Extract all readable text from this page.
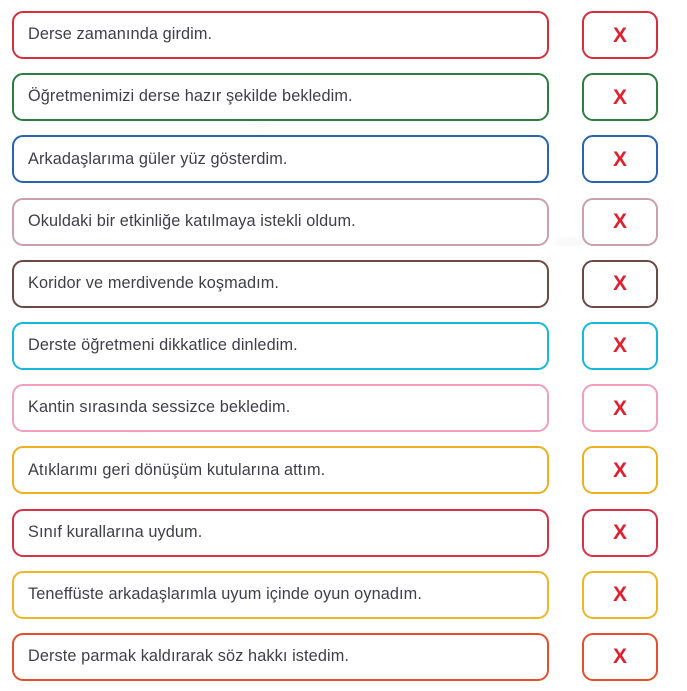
Derse zamanında girdim.	X
Öğretmenimizi derse hazır şekilde bekledim.	X
Arkadaşlarıma güler yüz gösterdim.	X
Okuldaki bir etkinliğe katılmaya istekli oldum.	X
Koridor ve merdivende koşmadım.	X
Derste öğretmeni dikkatlice dinledim.	X
Kantin sırasında sessizce bekledim.	X
Atıklarımı geri dönüşüm kutularına attım.	X
Sınıf kurallarına uydum.	X
Teneffüste arkadaşlarımla uyum içinde oyun oynadım.	X
Derste parmak kaldırarak söz hakkı istedim.	X
